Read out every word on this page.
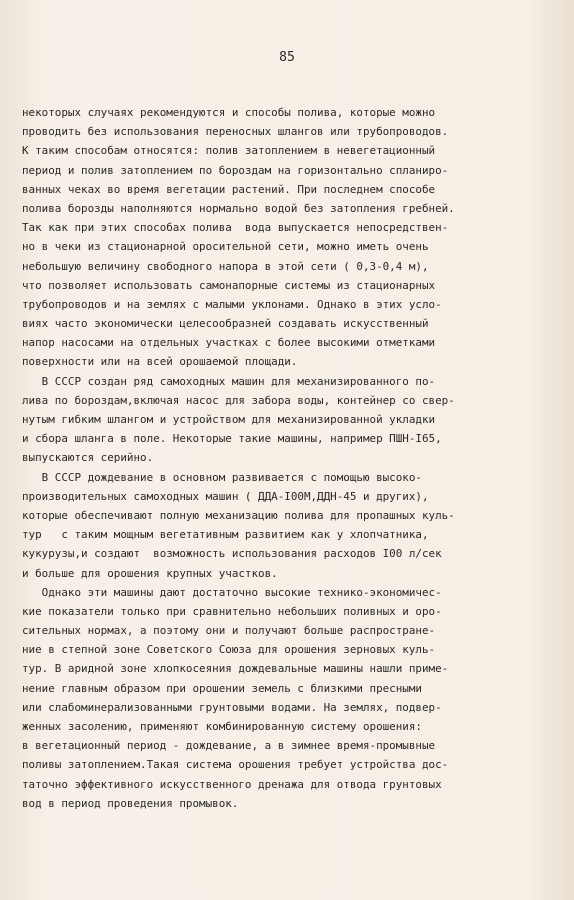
85
некоторых случаях рекомендуются и способы полива, которые можно
проводить без использования переносных шлангов или трубопроводов.
К таким способам относятся: полив затоплением в невегетационный
период и полив затоплением по бороздам на горизонтально спланиро-
ванных чеках во время вегетации растений. При последнем способе
полива борозды наполняются нормально водой без затопления гребней.
Так как при этих способах полива  вода выпускается непосредствен-
но в чеки из стационарной оросительной сети, можно иметь очень
небольшую величину свободного напора в этой сети ( 0,3-0,4 м),
что позволяет использовать самонапорные системы из стационарных
трубопроводов и на землях с малыми уклонами. Однако в этих усло-
виях часто экономически целесообразней создавать искусственный
напор насосами на отдельных участках с более высокими отметками
поверхности или на всей орошаемой площади.
В СССР создан ряд самоходных машин для механизированного по-
лива по бороздам,включая насос для забора воды, контейнер со свер-
нутым гибким шлангом и устройством для механизированной укладки
и сбора шланга в поле. Некоторые такие машины, например ПШН-I65,
выпускаются серийно.
В СССР дождевание в основном развивается с помощью высоко-
производительных самоходных машин ( ДДА-I00М,ДДН-45 и других),
которые обеспечивают полную механизацию полива для пропашных куль-
тур   с таким мощным вегетативным развитием как у хлопчатника,
кукурузы,и создают  возможность использования расходов I00 л/сек
и больше для орошения крупных участков.
Однако эти машины дают достаточно высокие технико-экономичес-
кие показатели только при сравнительно небольших поливных и оро-
сительных нормах, а поэтому они и получают больше распростране-
ние в степной зоне Советского Союза для орошения зерновых куль-
тур. В аридной зоне хлопкосеяния дождевальные машины нашли приме-
нение главным образом при орошении земель с близкими пресными
или слабоминерализованными грунтовыми водами. На землях, подвер-
женных засолению, применяют комбинированную систему орошения:
в вегетационный период - дождевание, а в зимнее время-промывные
поливы затоплением.Такая система орошения требует устройства дос-
таточно эффективного искусственного дренажа для отвода грунтовых
вод в период проведения промывок.
